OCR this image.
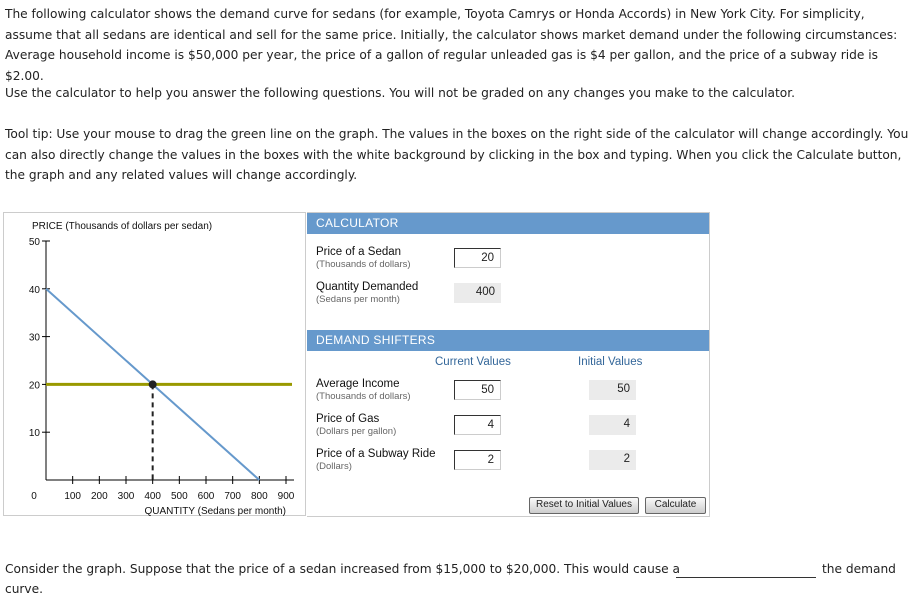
The following calculator shows the demand curve for sedans (for example, Toyota Camrys or Honda Accords) in New York City. For simplicity, assume that all sedans are identical and sell for the same price. Initially, the calculator shows market demand under the following circumstances: Average household income is $50,000 per year, the price of a gallon of regular unleaded gas is $4 per gallon, and the price of a subway ride is $2.00.

Use the calculator to help you answer the following questions. You will not be graded on any changes you make to the calculator.

Tool tip: Use your mouse to drag the green line on the graph. The values in the boxes on the right side of the calculator will change accordingly. You can also directly change the values in the boxes with the white background by clicking in the box and typing. When you click the Calculate button, the graph and any related values will change accordingly.

PRICE (Thousands of dollars per sedan)
10
20
30
40
50
0	100 200 300 400 500 600 700 800 900
QUANTITY (Sedans per month)
CALCULATOR
Price of a Sedan
(Thousands of dollars)
20
Quantity Demanded
(Sedans per month)
400
DEMAND SHIFTERS
Current Values	Initial Values
Average Income
(Thousands of dollars)
50	50
Price of Gas
(Dollars per gallon)
4	4
Price of a Subway Ride
(Dollars)
2	2
Reset to Initial Values	Calculate

Consider the graph. Suppose that the price of a sedan increased from $15,000 to $20,000. This would cause a	the demand
curve.
